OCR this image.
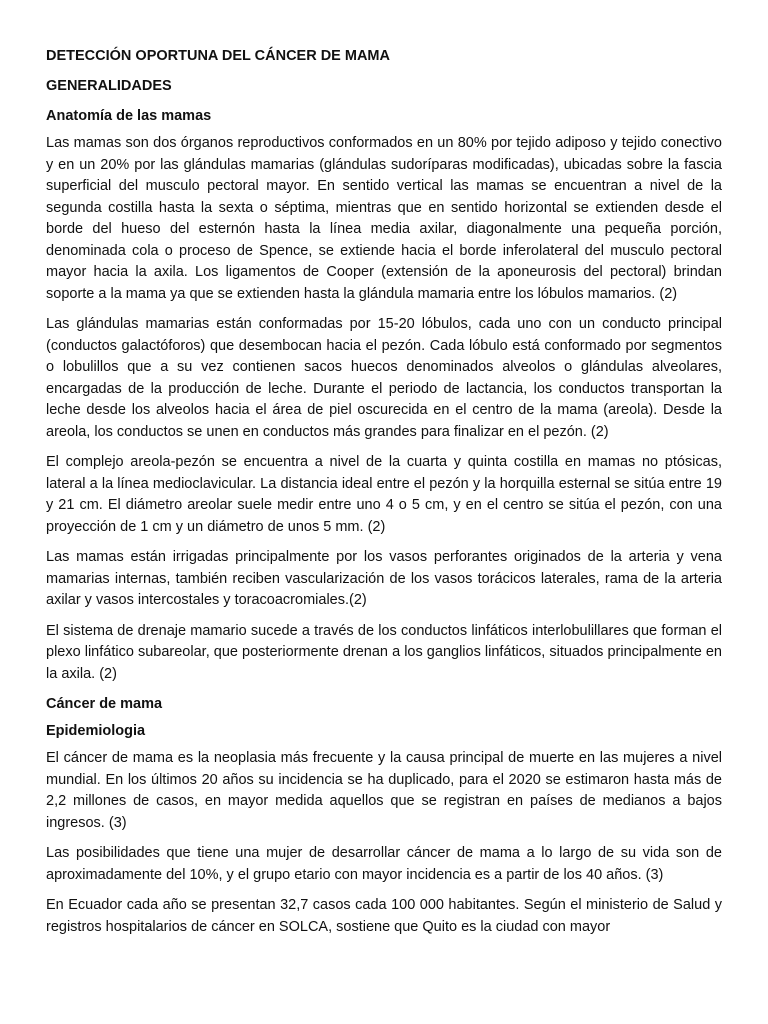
DETECCIÓN OPORTUNA DEL CÁNCER DE MAMA

GENERALIDADES

Anatomía de las mamas

Las mamas son dos órganos reproductivos conformados en un 80% por tejido adiposo y tejido conectivo y en un 20% por las glándulas mamarias (glándulas sudoríparas modificadas), ubicadas sobre la fascia superficial del musculo pectoral mayor. En sentido vertical las mamas se encuentran a nivel de la segunda costilla hasta la sexta o séptima, mientras que en sentido horizontal se extienden desde el borde del hueso del esternón hasta la línea media axilar, diagonalmente una pequeña porción, denominada cola o proceso de Spence, se extiende hacia el borde inferolateral del musculo pectoral mayor hacia la axila. Los ligamentos de Cooper (extensión de la aponeurosis del pectoral) brindan soporte a la mama ya que se extienden hasta la glándula mamaria entre los lóbulos mamarios. (2)

Las glándulas mamarias están conformadas por 15-20 lóbulos, cada uno con un conducto principal (conductos galactóforos) que desembocan hacia el pezón. Cada lóbulo está conformado por segmentos o lobulillos que a su vez contienen sacos huecos denominados alveolos o glándulas alveolares, encargadas de la producción de leche. Durante el periodo de lactancia, los conductos transportan la leche desde los alveolos hacia el área de piel oscurecida en el centro de la mama (areola). Desde la areola, los conductos se unen en conductos más grandes para finalizar en el pezón. (2)

El complejo areola-pezón se encuentra a nivel de la cuarta y quinta costilla en mamas no ptósicas, lateral a la línea medioclavicular. La distancia ideal entre el pezón y la horquilla esternal se sitúa entre 19 y 21 cm. El diámetro areolar suele medir entre uno 4 o 5 cm, y en el centro se sitúa el pezón, con una proyección de 1 cm y un diámetro de unos 5 mm. (2)

Las mamas están irrigadas principalmente por los vasos perforantes originados de la arteria y vena mamarias internas, también reciben vascularización de los vasos torácicos laterales, rama de la arteria axilar y vasos intercostales y toracoacromiales.(2)

El sistema de drenaje mamario sucede a través de los conductos linfáticos interlobulillares que forman el plexo linfático subareolar, que posteriormente drenan a los ganglios linfáticos, situados principalmente en la axila. (2)

Cáncer de mama

Epidemiologia

El cáncer de mama es la neoplasia más frecuente y la causa principal de muerte en las mujeres a nivel mundial. En los últimos 20 años su incidencia se ha duplicado, para el 2020 se estimaron hasta más de 2,2 millones de casos, en mayor medida aquellos que se registran en países de medianos a bajos ingresos. (3)

Las posibilidades que tiene una mujer de desarrollar cáncer de mama a lo largo de su vida son de aproximadamente del 10%, y el grupo etario con mayor incidencia es a partir de los 40 años. (3)

En Ecuador cada año se presentan 32,7 casos cada 100 000 habitantes. Según el ministerio de Salud y registros hospitalarios de cáncer en SOLCA, sostiene que Quito es la ciudad con mayor
